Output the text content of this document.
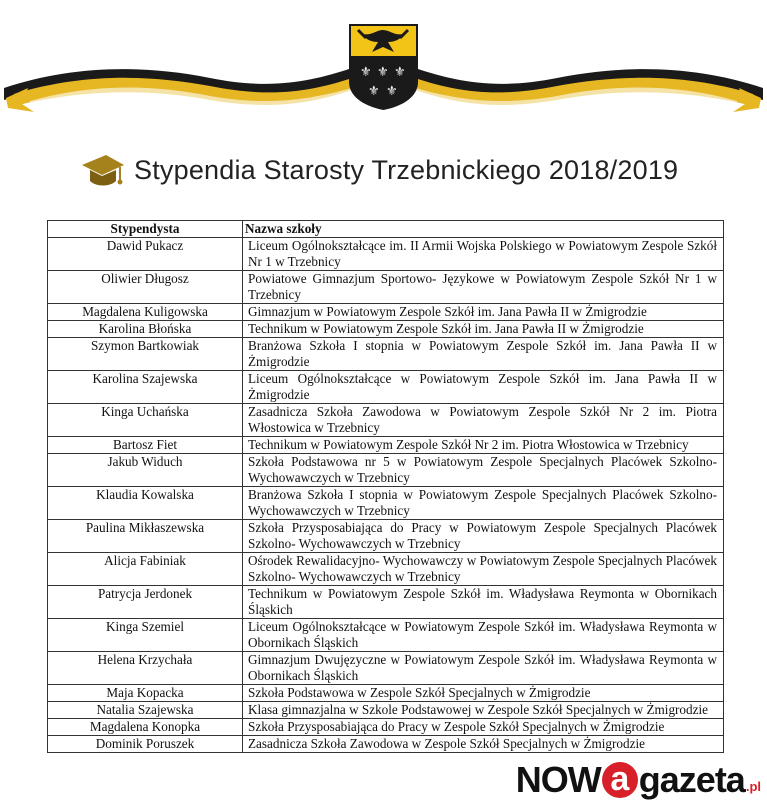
⚜ ⚜ ⚜
⚜ ⚜
Stypendia Starosty Trzebnickiego 2018/2019
Stypendysta	Nazwa szkoły
Dawid Pukacz	Liceum Ogólnokształcące im. II Armii Wojska Polskiego w Powiatowym Zespole Szkół Nr 1 w Trzebnicy
Oliwier Długosz	Powiatowe Gimnazjum Sportowo- Językowe w Powiatowym Zespole Szkół Nr 1 w Trzebnicy
Magdalena Kuligowska	Gimnazjum w Powiatowym Zespole Szkół im. Jana Pawła II w Żmigrodzie
Karolina Błońska	Technikum w Powiatowym Zespole Szkół im. Jana Pawła II w Żmigrodzie
Szymon Bartkowiak	Branżowa Szkoła I stopnia w Powiatowym Zespole Szkół im. Jana Pawła II w Żmigrodzie
Karolina Szajewska	Liceum Ogólnokształcące w Powiatowym Zespole Szkół im. Jana Pawła II w Żmigrodzie
Kinga Uchańska	Zasadnicza Szkoła Zawodowa w Powiatowym Zespole Szkół Nr 2 im. Piotra Włostowica w Trzebnicy
Bartosz Fiet	Technikum w Powiatowym Zespole Szkół Nr 2 im. Piotra Włostowica w Trzebnicy
Jakub Widuch	Szkoła Podstawowa nr 5 w Powiatowym Zespole Specjalnych Placówek Szkolno- Wychowawczych w Trzebnicy
Klaudia Kowalska	Branżowa Szkoła I stopnia w Powiatowym Zespole Specjalnych Placówek Szkolno- Wychowawczych w Trzebnicy
Paulina Mikłaszewska	Szkoła Przysposabiająca do Pracy w Powiatowym Zespole Specjalnych Placówek Szkolno- Wychowawczych w Trzebnicy
Alicja Fabiniak	Ośrodek Rewalidacyjno- Wychowawczy w Powiatowym Zespole Specjalnych Placówek Szkolno- Wychowawczych w Trzebnicy
Patrycja Jerdonek	Technikum w Powiatowym Zespole Szkół im. Władysława Reymonta w Obornikach Śląskich
Kinga Szemiel	Liceum Ogólnokształcące w Powiatowym Zespole Szkół im. Władysława Reymonta w Obornikach Śląskich
Helena Krzychała	Gimnazjum Dwujęzyczne w Powiatowym Zespole Szkół im. Władysława Reymonta w Obornikach Śląskich
Maja Kopacka	Szkoła Podstawowa w Zespole Szkół Specjalnych w Żmigrodzie
Natalia Szajewska	Klasa gimnazjalna w Szkole Podstawowej w Zespole Szkół Specjalnych w Żmigrodzie
Magdalena Konopka	Szkoła Przysposabiająca do Pracy w Zespole Szkół Specjalnych w Żmigrodzie
Dominik Poruszek	Zasadnicza Szkoła Zawodowa w Zespole Szkół Specjalnych w Żmigrodzie
NOW a gazeta .pl
